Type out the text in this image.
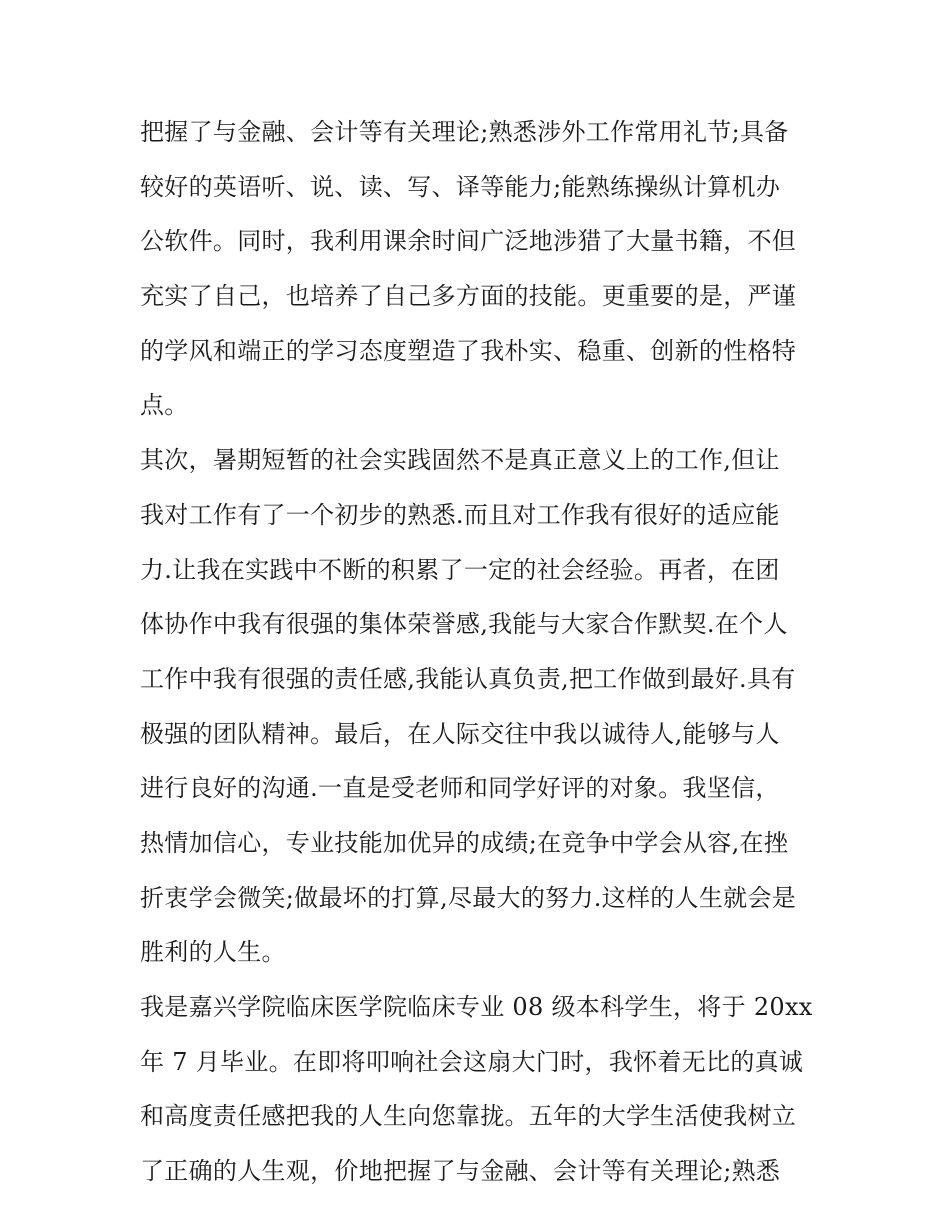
把握了与金融、会计等有关理论;熟悉涉外工作常用礼节;具备
较好的英语听、说、读、写、译等能力;能熟练操纵计算机办
公软件。同时，我利用课余时间广泛地涉猎了大量书籍，不但
充实了自己，也培养了自己多方面的技能。更重要的是，严谨
的学风和端正的学习态度塑造了我朴实、稳重、创新的性格特
点。
其次，暑期短暂的社会实践固然不是真正意义上的工作,但让
我对工作有了一个初步的熟悉.而且对工作我有很好的适应能
力.让我在实践中不断的积累了一定的社会经验。再者，在团
体协作中我有很强的集体荣誉感,我能与大家合作默契.在个人
工作中我有很强的责任感,我能认真负责,把工作做到最好.具有
极强的团队精神。最后，在人际交往中我以诚待人,能够与人
进行良好的沟通.一直是受老师和同学好评的对象。我坚信，
热情加信心，专业技能加优异的成绩;在竞争中学会从容,在挫
折衷学会微笑;做最坏的打算,尽最大的努力.这样的人生就会是
胜利的人生。
我是嘉兴学院临床医学院临床专业 08 级本科学生，将于 20xx
年 7 月毕业。在即将叩响社会这扇大门时，我怀着无比的真诚
和高度责任感把我的人生向您靠拢。五年的大学生活使我树立
了正确的人生观，价地把握了与金融、会计等有关理论;熟悉
